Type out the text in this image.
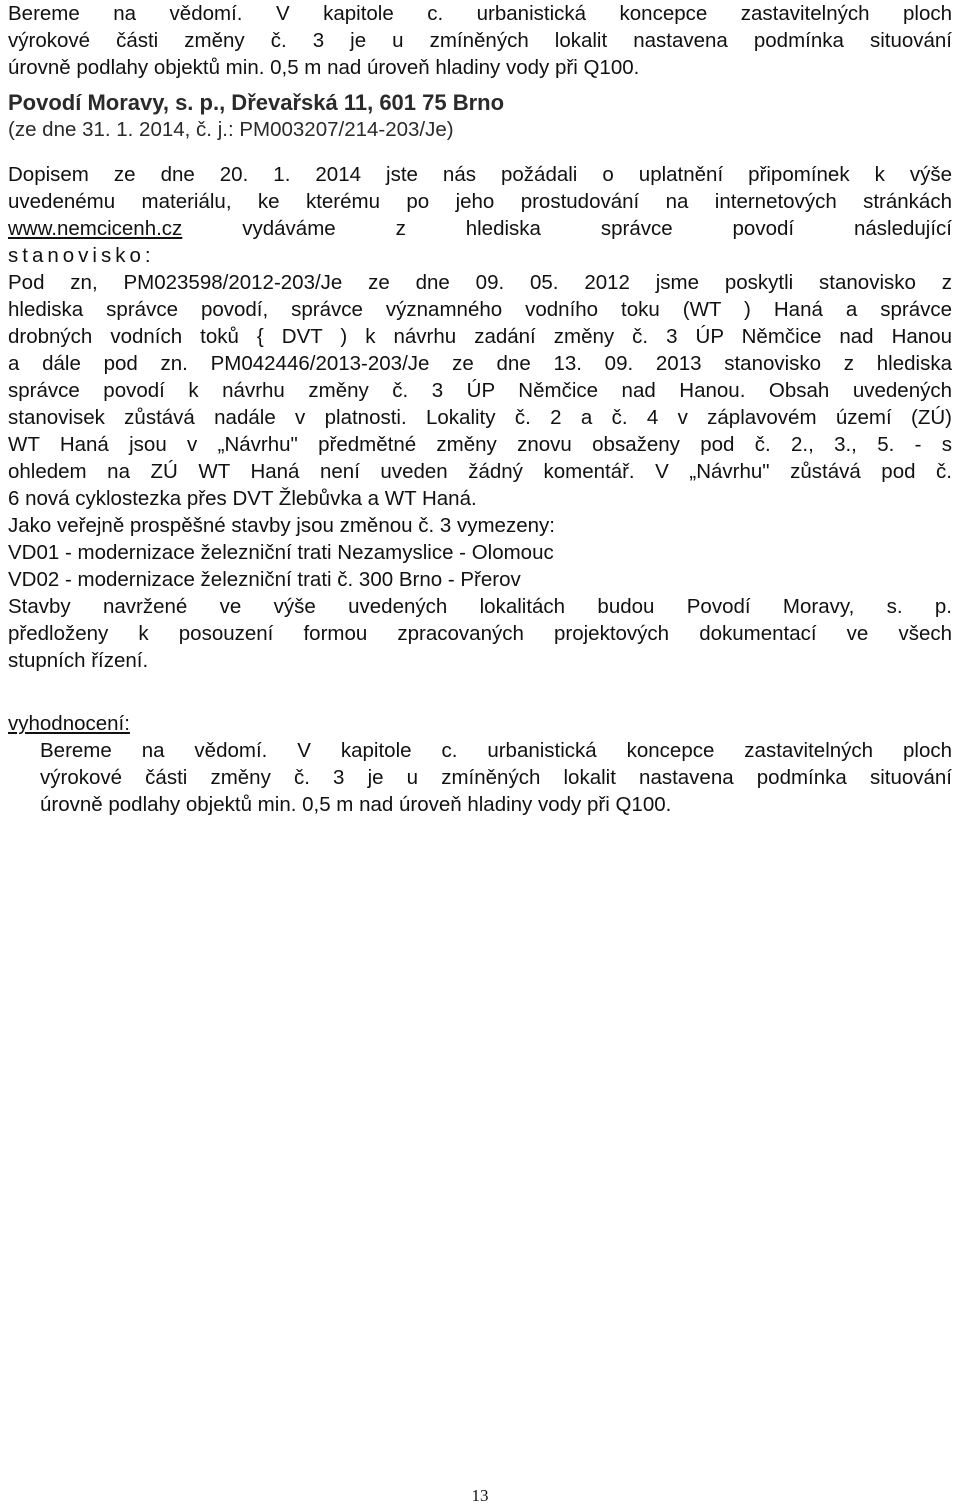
Bereme na vědomí. V kapitole c. urbanistická koncepce zastavitelných ploch

výrokové části změny č. 3 je u zmíněných lokalit nastavena podmínka situování

úrovně podlahy objektů min. 0,5 m nad úroveň hladiny vody při Q100.

Povodí Moravy, s. p., Dřevařská 11, 601 75 Brno

(ze dne 31. 1. 2014, č. j.: PM003207/214-203/Je)

Dopisem ze dne 20. 1. 2014 jste nás požádali o uplatnění připomínek k výše

uvedenému materiálu, ke kterému po jeho prostudování na internetových stránkách

www.nemcicenh.cz	vydáváme z hlediska správce povodí následující

stanovisko:

Pod zn, PM023598/2012-203/Je ze dne 09. 05. 2012 jsme poskytli stanovisko z

hlediska správce povodí, správce významného vodního toku (WT ) Haná a správce

drobných vodních toků { DVT ) k návrhu zadání změny č. 3 ÚP Němčice nad Hanou

a dále pod zn. PM042446/2013-203/Je ze dne 13. 09. 2013 stanovisko z hlediska

správce povodí k návrhu změny č. 3 ÚP Němčice nad Hanou. Obsah uvedených

stanovisek zůstává nadále v platnosti. Lokality č. 2 a č. 4 v záplavovém území (ZÚ)

WT Haná jsou v „Návrhu" předmětné změny znovu obsaženy pod č. 2., 3., 5. - s

ohledem na ZÚ WT Haná není uveden žádný komentář. V „Návrhu" zůstává pod č.

6 nová cyklostezka přes DVT Žlebůvka a WT Haná.

Jako veřejně prospěšné stavby jsou změnou č. 3 vymezeny:

VD01 - modernizace železniční trati Nezamyslice - Olomouc

VD02 - modernizace železniční trati č. 300 Brno - Přerov

Stavby navržené ve výše uvedených lokalitách budou Povodí Moravy, s. p.

předloženy k posouzení formou zpracovaných projektových dokumentací ve všech

stupních řízení.

vyhodnocení:

Bereme na vědomí. V kapitole c. urbanistická koncepce zastavitelných ploch

výrokové části změny č. 3 je u zmíněných lokalit nastavena podmínka situování

úrovně podlahy objektů min. 0,5 m nad úroveň hladiny vody při Q100.

13
